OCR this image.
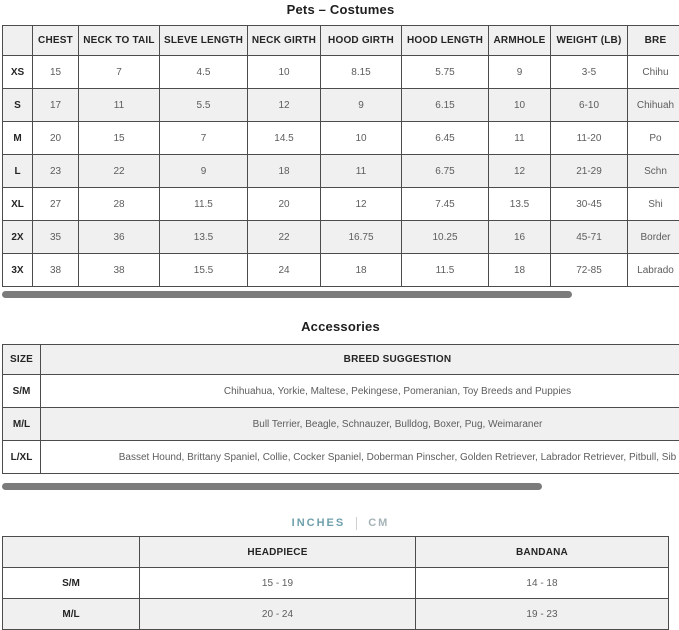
Pets – Costumes
	CHEST	NECK TO TAIL	SLEVE LENGTH	NECK GIRTH	HOOD GIRTH	HOOD LENGTH	ARMHOLE	WEIGHT (LB)	BRE
XS	15	7	4.5	10	8.15	5.75	9	3-5	Chihu
S	17	11	5.5	12	9	6.15	10	6-10	Chihuah
M	20	15	7	14.5	10	6.45	11	11-20	Po
L	23	22	9	18	11	6.75	12	21-29	Schn
XL	27	28	11.5	20	12	7.45	13.5	30-45	Shi
2X	35	36	13.5	22	16.75	10.25	16	45-71	Border
3X	38	38	15.5	24	18	11.5	18	72-85	Labrado
Accessories
SIZE	BREED SUGGESTION
S/M	Chihuahua, Yorkie, Maltese, Pekingese, Pomeranian, Toy Breeds and Puppies
M/L	Bull Terrier, Beagle, Schnauzer, Bulldog, Boxer, Pug, Weimaraner
L/XL	Basset Hound, Brittany Spaniel, Collie, Cocker Spaniel, Doberman Pinscher, Golden Retriever, Labrador Retriever, Pitbull, Sib
INCHES CM
	HEADPIECE	BANDANA
S/M	15 - 19	14 - 18
M/L	20 - 24	19 - 23
